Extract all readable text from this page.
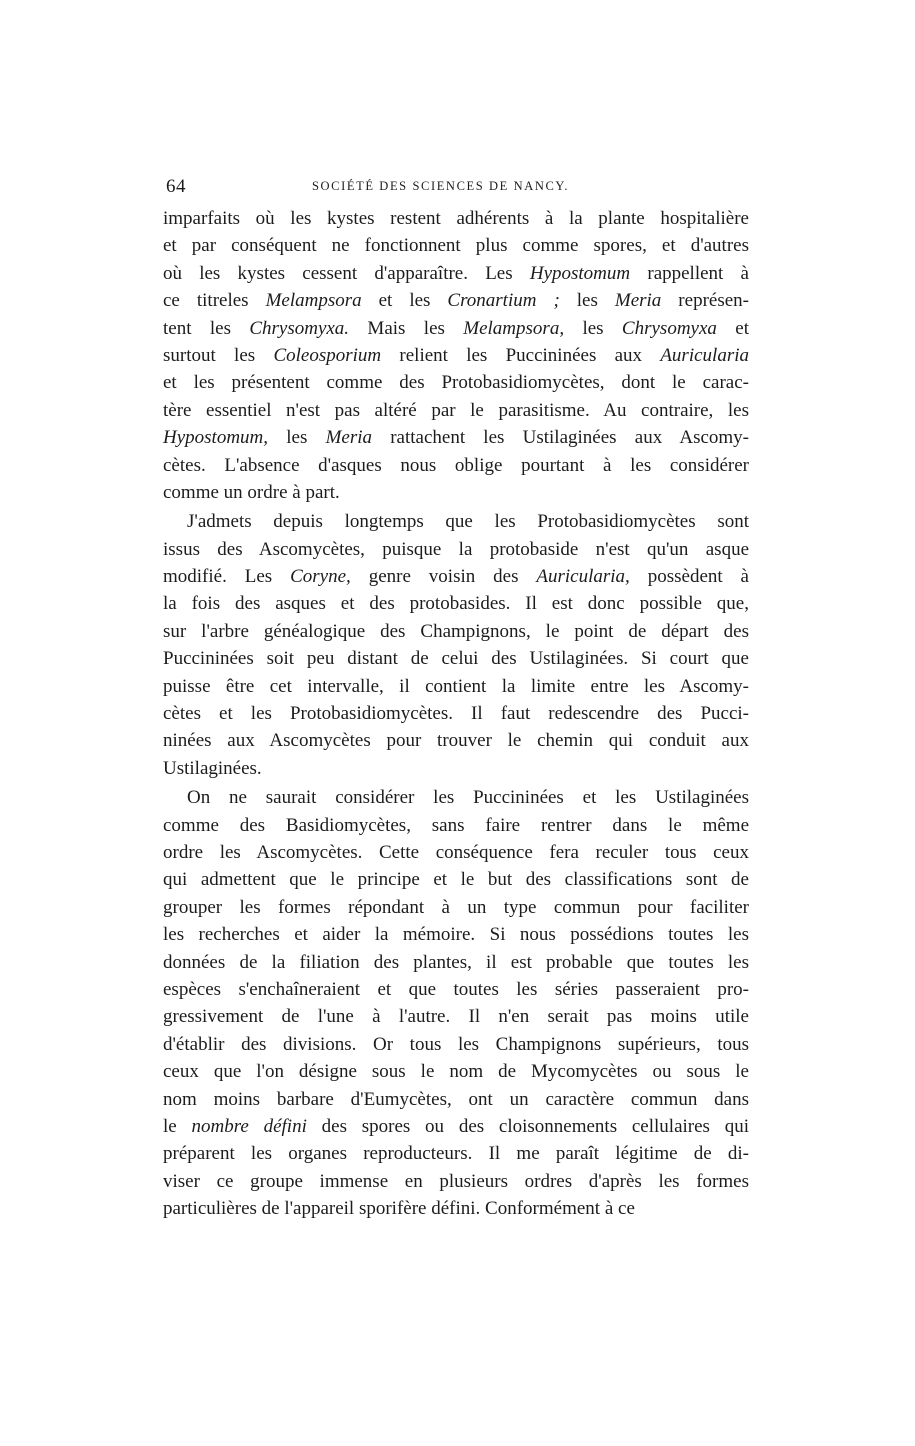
64	SOCIÉTÉ DES SCIENCES DE NANCY.
imparfaits où les kystes restent adhérents à la plante hospitalière
et par conséquent ne fonctionnent plus comme spores, et d'autres
où les kystes cessent d'apparaître. Les Hypostomum rappellent à
ce titreles Melampsora et les Cronartium ; les Meria représen-
tent les Chrysomyxa. Mais les Melampsora, les Chrysomyxa et
surtout les Coleosporium relient les Puccininées aux Auricularia
et les présentent comme des Protobasidiomycètes, dont le carac-
tère essentiel n'est pas altéré par le parasitisme. Au contraire, les
Hypostomum, les Meria rattachent les Ustilaginées aux Ascomy-
cètes. L'absence d'asques nous oblige pourtant à les considérer
comme un ordre à part.
J'admets depuis longtemps que les Protobasidiomycètes sont
issus des Ascomycètes, puisque la protobaside n'est qu'un asque
modifié. Les Coryne, genre voisin des Auricularia, possèdent à
la fois des asques et des protobasides. Il est donc possible que,
sur l'arbre généalogique des Champignons, le point de départ des
Puccininées soit peu distant de celui des Ustilaginées. Si court que
puisse être cet intervalle, il contient la limite entre les Ascomy-
cètes et les Protobasidiomycètes. Il faut redescendre des Pucci-
ninées aux Ascomycètes pour trouver le chemin qui conduit aux
Ustilaginées.
On ne saurait considérer les Puccininées et les Ustilaginées
comme des Basidiomycètes, sans faire rentrer dans le même
ordre les Ascomycètes. Cette conséquence fera reculer tous ceux
qui admettent que le principe et le but des classifications sont de
grouper les formes répondant à un type commun pour faciliter
les recherches et aider la mémoire. Si nous possédions toutes les
données de la filiation des plantes, il est probable que toutes les
espèces s'enchaîneraient et que toutes les séries passeraient pro-
gressivement de l'une à l'autre. Il n'en serait pas moins utile
d'établir des divisions. Or tous les Champignons supérieurs, tous
ceux que l'on désigne sous le nom de Mycomycètes ou sous le
nom moins barbare d'Eumycètes, ont un caractère commun dans
le nombre défini des spores ou des cloisonnements cellulaires qui
préparent les organes reproducteurs. Il me paraît légitime de di-
viser ce groupe immense en plusieurs ordres d'après les formes
particulières de l'appareil sporifère défini. Conformément à ce
